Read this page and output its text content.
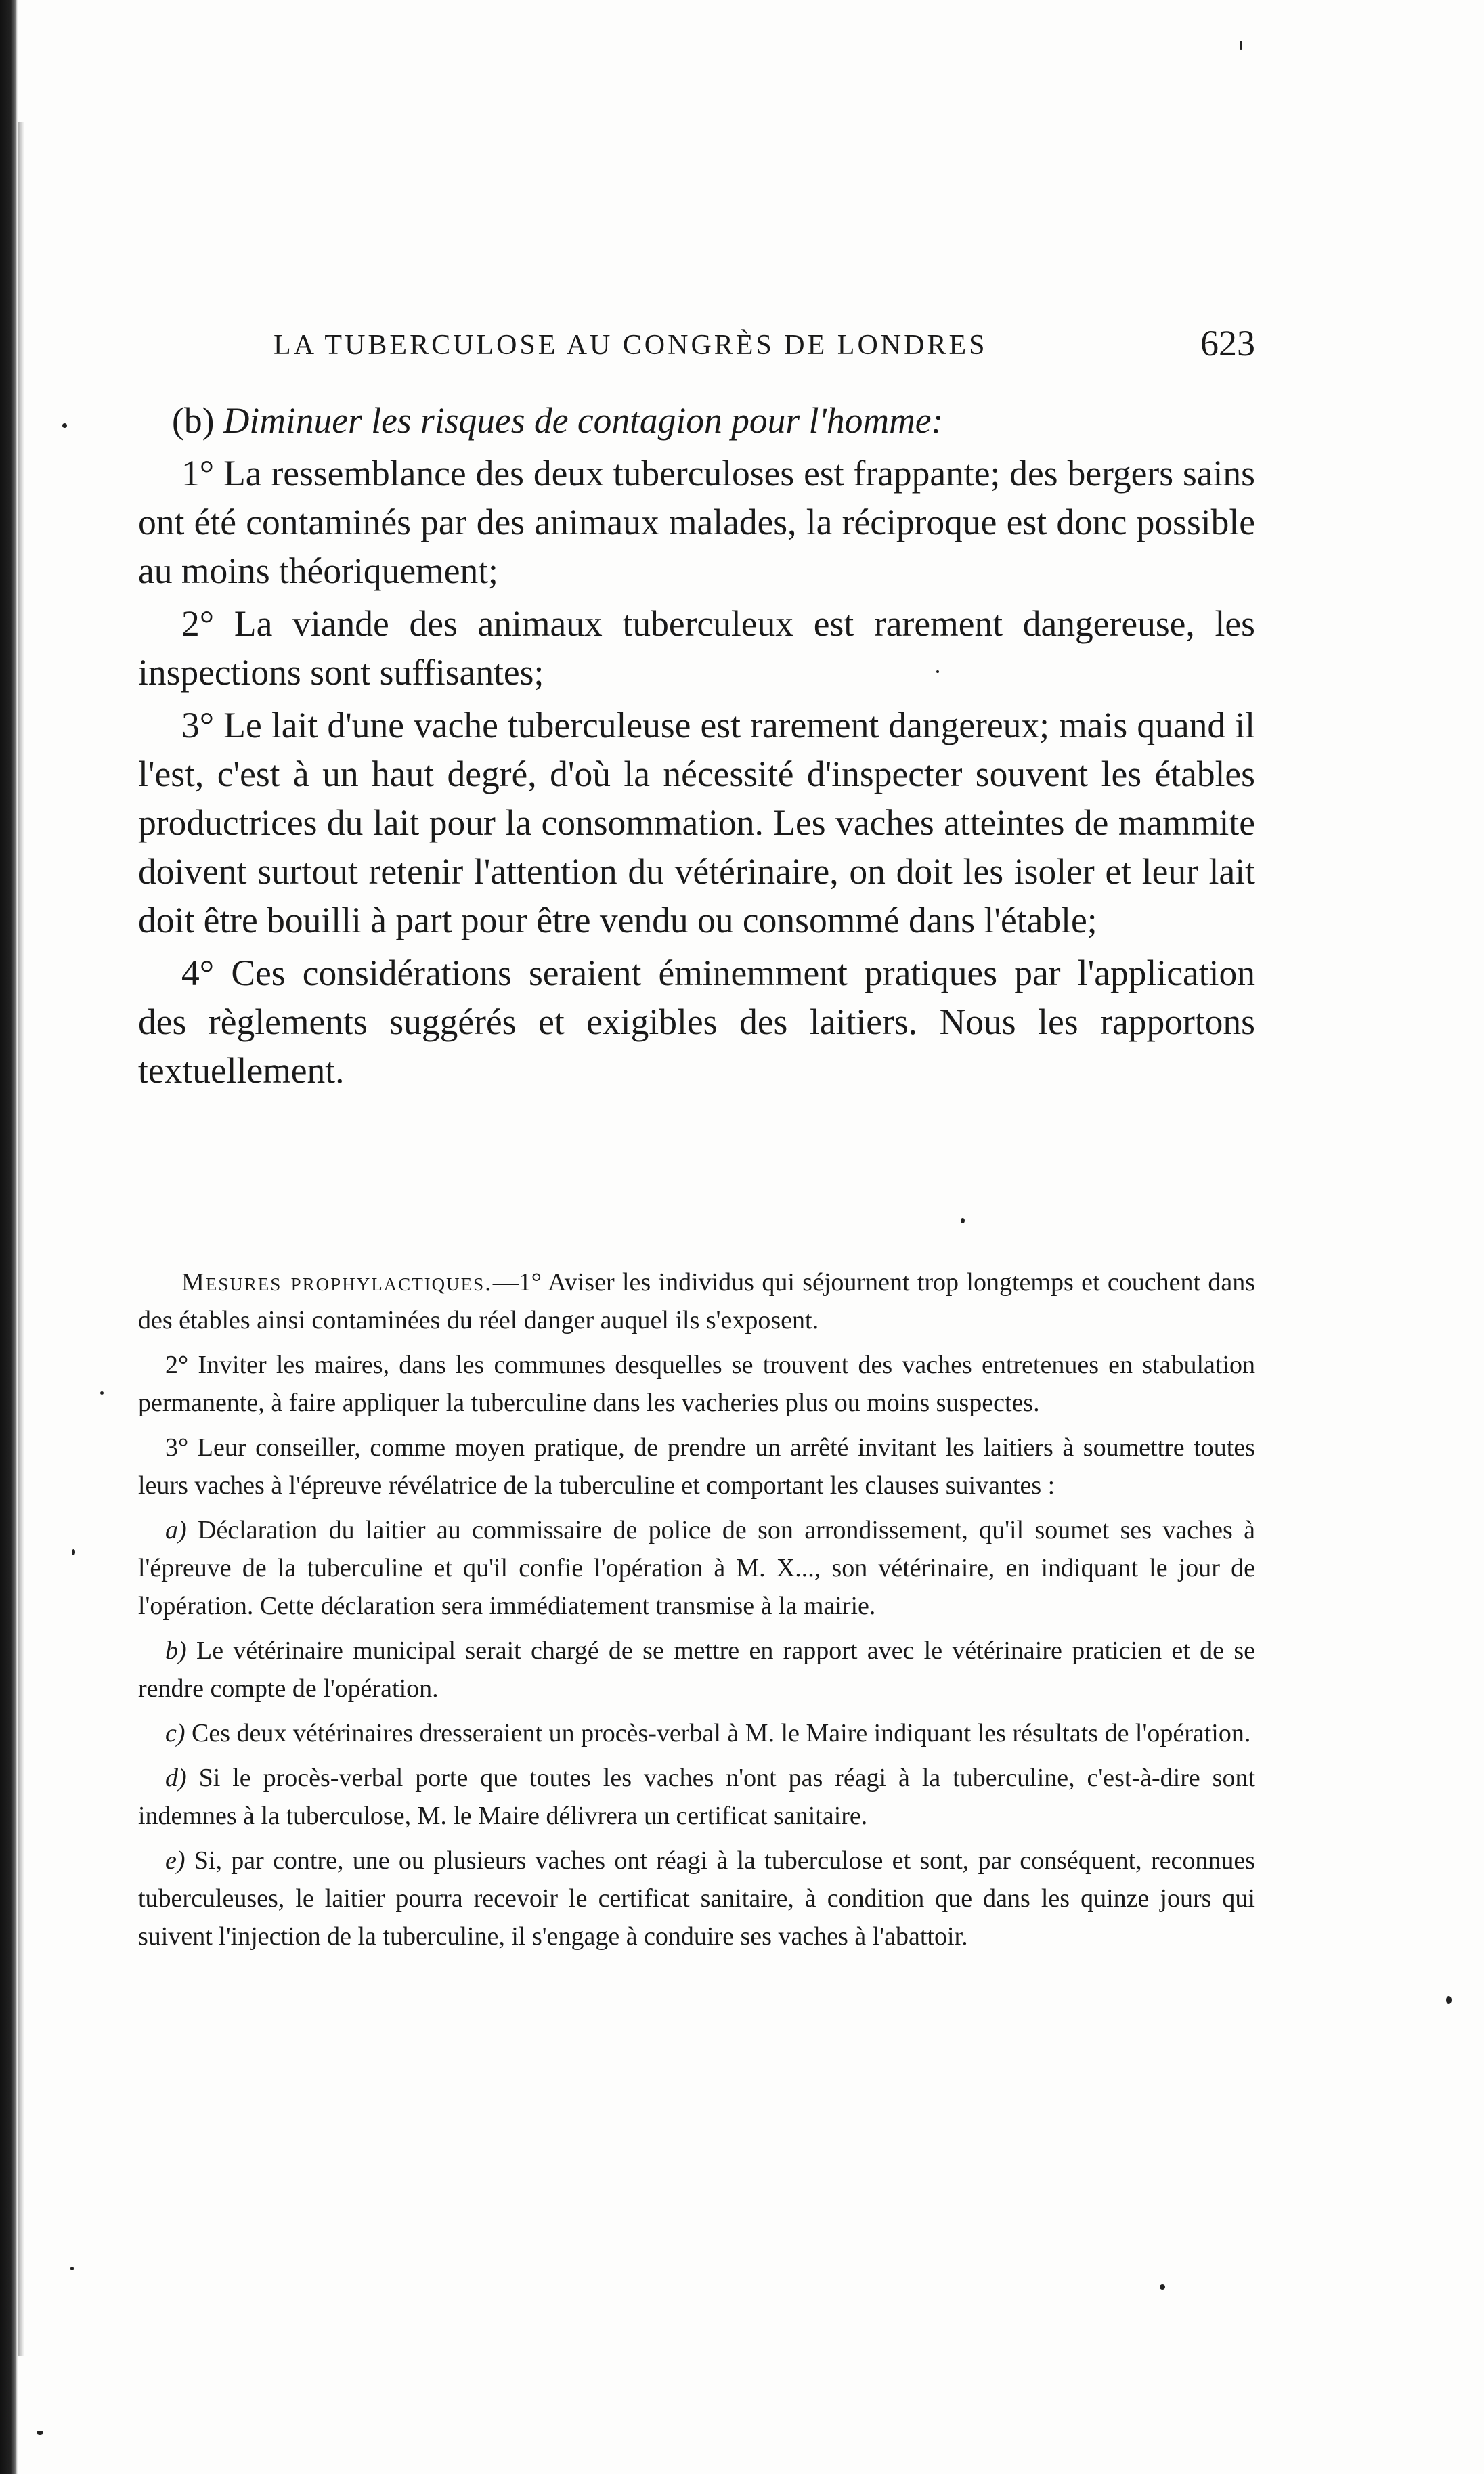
LA TUBERCULOSE AU CONGRÈS DE LONDRES	623

(b) Diminuer les risques de contagion pour l'homme:

1° La ressemblance des deux tuberculoses est frappante; des bergers sains ont été contaminés par des animaux malades, la réciproque est donc possible au moins théoriquement;

2° La viande des animaux tuberculeux est rarement dangereuse, les inspections sont suffisantes;

3° Le lait d'une vache tuberculeuse est rarement dangereux; mais quand il l'est, c'est à un haut degré, d'où la nécessité d'inspecter souvent les étables productrices du lait pour la consommation. Les vaches atteintes de mammite doivent surtout retenir l'attention du vétérinaire, on doit les isoler et leur lait doit être bouilli à part pour être vendu ou consommé dans l'étable;

4° Ces considérations seraient éminemment pratiques par l'application des règlements suggérés et exigibles des laitiers. Nous les rapportons textuellement.

Mesures prophylactiques.—1° Aviser les individus qui séjournent trop longtemps et couchent dans des étables ainsi contaminées du réel danger auquel ils s'exposent.

2° Inviter les maires, dans les communes desquelles se trouvent des vaches entretenues en stabulation permanente, à faire appliquer la tuberculine dans les vacheries plus ou moins suspectes.

3° Leur conseiller, comme moyen pratique, de prendre un arrêté invitant les laitiers à soumettre toutes leurs vaches à l'épreuve révélatrice de la tuberculine et comportant les clauses suivantes :

a) Déclaration du laitier au commissaire de police de son arrondissement, qu'il soumet ses vaches à l'épreuve de la tuberculine et qu'il confie l'opération à M. X..., son vétérinaire, en indiquant le jour de l'opération. Cette déclaration sera immédiatement transmise à la mairie.

b) Le vétérinaire municipal serait chargé de se mettre en rapport avec le vétérinaire praticien et de se rendre compte de l'opération.

c) Ces deux vétérinaires dresseraient un procès-verbal à M. le Maire indiquant les résultats de l'opération.

d) Si le procès-verbal porte que toutes les vaches n'ont pas réagi à la tuberculine, c'est-à-dire sont indemnes à la tuberculose, M. le Maire délivrera un certificat sanitaire.

e) Si, par contre, une ou plusieurs vaches ont réagi à la tuberculose et sont, par conséquent, reconnues tuberculeuses, le laitier pourra recevoir le certificat sanitaire, à condition que dans les quinze jours qui suivent l'injection de la tuberculine, il s'engage à conduire ses vaches à l'abattoir.
